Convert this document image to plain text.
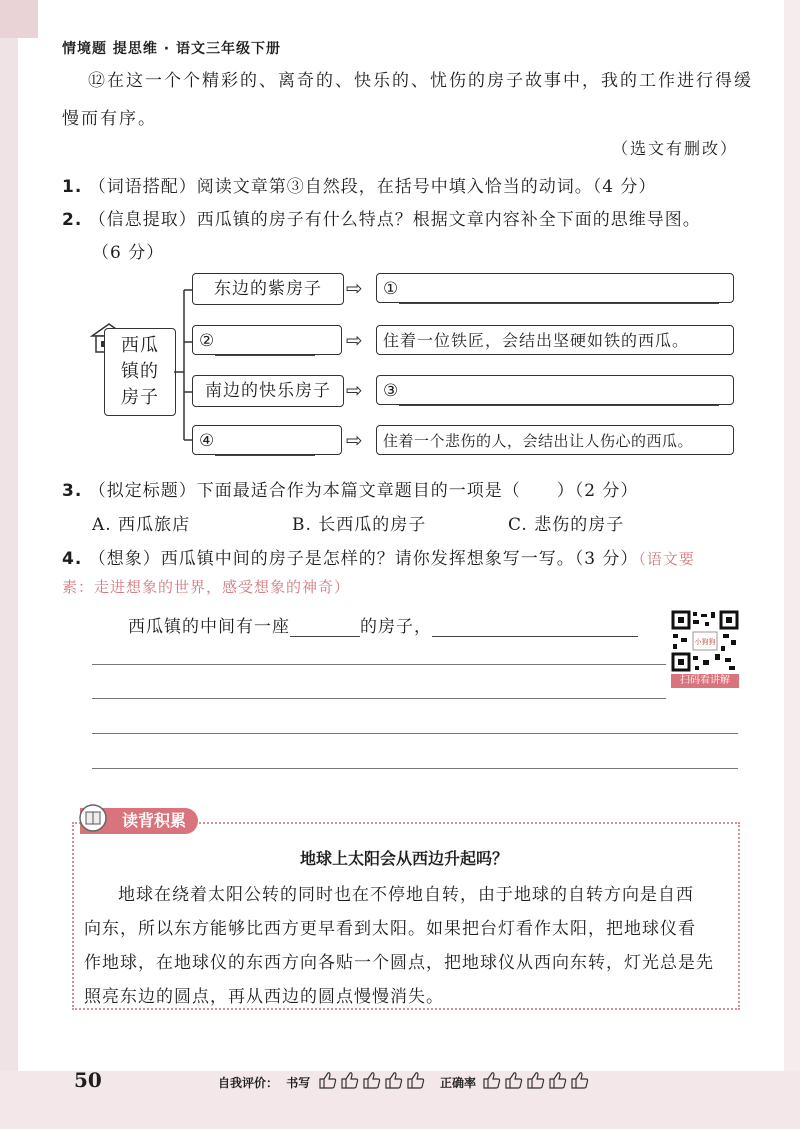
情境题 提思维 · 语文三年级下册
⑫在这一个个精彩的、离奇的、快乐的、忧伤的房子故事中，我的工作进行得缓
慢而有序。
（选文有删改）
1. （词语搭配）阅读文章第③自然段，在括号中填入恰当的动词。（4 分）
2. （信息提取）西瓜镇的房子有什么特点？根据文章内容补全下面的思维导图。
（6 分）
西瓜
镇的
房子
东边的紫房子	⇨	①
②	⇨	住着一位铁匠，会结出坚硬如铁的西瓜。
南边的快乐房子 ⇨	③
④	⇨	住着一个悲伤的人，会结出让人伤心的西瓜。
3. （拟定标题）下面最适合作为本篇文章题目的一项是（　　）（2 分）
A. 西瓜旅店	B. 长西瓜的房子	C. 悲伤的房子
4. （想象）西瓜镇中间的房子是怎样的？请你发挥想象写一写。（3 分）（语文要
素：走进想象的世界，感受想象的神奇）
西瓜镇的中间有一座	的房子，
小狗狗
扫码看讲解
读背积累
地球上太阳会从西边升起吗？
地球在绕着太阳公转的同时也在不停地自转，由于地球的自转方向是自西
向东，所以东方能够比西方更早看到太阳。如果把台灯看作太阳，把地球仪看
作地球，在地球仪的东西方向各贴一个圆点，把地球仪从西向东转，灯光总是先
照亮东边的圆点，再从西边的圆点慢慢消失。
50	自我评价： 书写	正确率
